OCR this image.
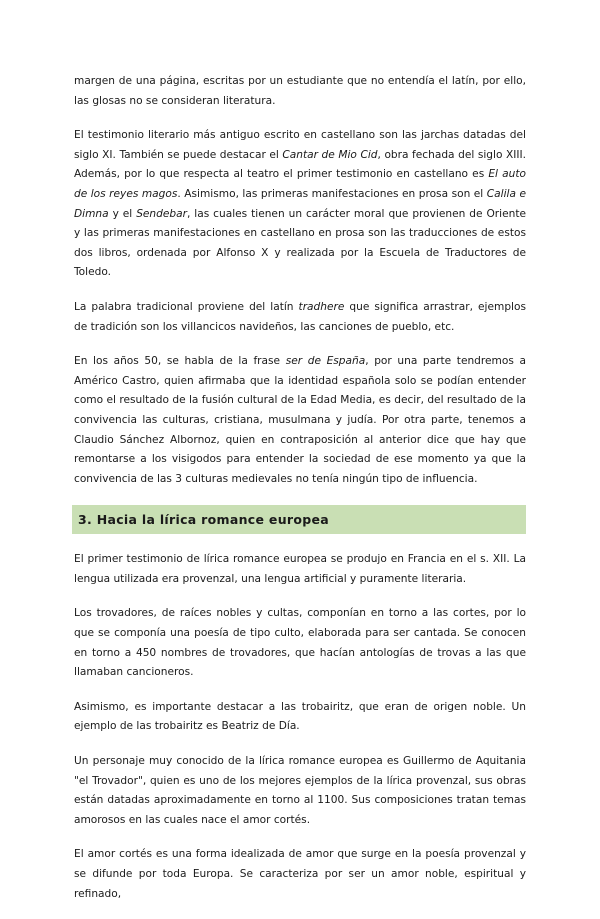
margen de una página, escritas por un estudiante que no entendía el latín, por ello, las glosas no se consideran literatura.

El testimonio literario más antiguo escrito en castellano son las jarchas datadas del siglo XI. También se puede destacar el Cantar de Mio Cid, obra fechada del siglo XIII. Además, por lo que respecta al teatro el primer testimonio en castellano es El auto de los reyes magos. Asimismo, las primeras manifestaciones en prosa son el Calila e Dimna y el Sendebar, las cuales tienen un carácter moral que provienen de Oriente y las primeras manifestaciones en castellano en prosa son las traducciones de estos dos libros, ordenada por Alfonso X y realizada por la Escuela de Traductores de Toledo.

La palabra tradicional proviene del latín tradhere que significa arrastrar, ejemplos de tradición son los villancicos navideños, las canciones de pueblo, etc.

En los años 50, se habla de la frase ser de España, por una parte tendremos a Américo Castro, quien afirmaba que la identidad española solo se podían entender como el resultado de la fusión cultural de la Edad Media, es decir, del resultado de la convivencia las culturas, cristiana, musulmana y judía. Por otra parte, tenemos a Claudio Sánchez Albornoz, quien en contraposición al anterior dice que hay que remontarse a los visigodos para entender la sociedad de ese momento ya que la convivencia de las 3 culturas medievales no tenía ningún tipo de influencia.

3. Hacia la lírica romance europea

El primer testimonio de lírica romance europea se produjo en Francia en el s. XII. La lengua utilizada era provenzal, una lengua artificial y puramente literaria.

Los trovadores, de raíces nobles y cultas, componían en torno a las cortes, por lo que se componía una poesía de tipo culto, elaborada para ser cantada. Se conocen en torno a 450 nombres de trovadores, que hacían antologías de trovas a las que llamaban cancioneros.

Asimismo, es importante destacar a las trobairitz, que eran de origen noble. Un ejemplo de las trobairitz es Beatriz de Día.

Un personaje muy conocido de la lírica romance europea es Guillermo de Aquitania "el Trovador", quien es uno de los mejores ejemplos de la lírica provenzal, sus obras están datadas aproximadamente en torno al 1100. Sus composiciones tratan temas amorosos en las cuales nace el amor cortés.

El amor cortés es una forma idealizada de amor que surge en la poesía provenzal y se difunde por toda Europa. Se caracteriza por ser un amor noble, espiritual y refinado,
